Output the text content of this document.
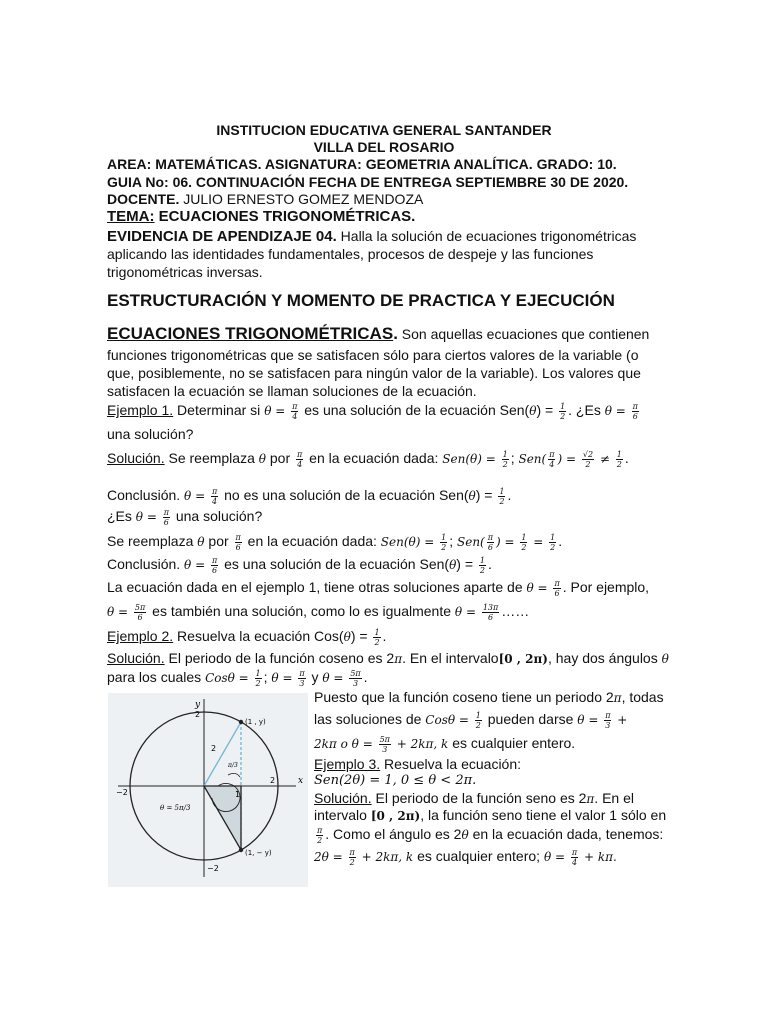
INSTITUCION EDUCATIVA GENERAL SANTANDER
VILLA DEL ROSARIO
AREA: MATEMÁTICAS. ASIGNATURA: GEOMETRIA ANALÍTICA. GRADO: 10.
GUIA No: 06. CONTINUACIÓN FECHA DE ENTREGA SEPTIEMBRE 30 DE 2020.
DOCENTE. JULIO ERNESTO GOMEZ MENDOZA
TEMA: ECUACIONES TRIGONOMÉTRICAS.
EVIDENCIA DE APENDIZAJE 04. Halla la solución de ecuaciones trigonométricas
aplicando las identidades fundamentales, procesos de despeje y las funciones
trigonométricas inversas.
ESTRUCTURACIÓN Y MOMENTO DE PRACTICA Y EJECUCIÓN
ECUACIONES TRIGONOMÉTRICAS. Son aquellas ecuaciones que contienen
funciones trigonométricas que se satisfacen sólo para ciertos valores de la variable (o
que, posiblemente, no se satisfacen para ningún valor de la variable). Los valores que
satisfacen la ecuación se llaman soluciones de la ecuación.
Ejemplo 1. Determinar si $\theta = \frac{\pi}{4}$ es una solución de la ecuación $Sen(\theta) = \frac{1}{2}$ . ¿Es $\theta = \frac{\pi}{6}$
una solución?
Solución. Se reemplaza θ por $\frac{\pi}{4}$ en la ecuación dada: $Sen(\theta) = \frac{1}{2}$ ; $Sen( \frac{\pi}{4}$ ) = $\frac{√2}{2} \ne \frac{1}{2}$ .
Conclusión. $\theta = \frac{\pi}{4}$ no es una solución de la ecuación $Sen(\theta) = \frac{1}{2}$ .
¿Es $\theta = \frac{\pi}{6}$ una solución?
Se reemplaza θ por $\frac{\pi}{6}$ en la ecuación dada: $Sen(\theta) = \frac{1}{2}$ ; $Sen( \frac{\pi}{6}$ ) = $\frac{1}{2} = \frac{1}{2}$ .
Conclusión. $\theta = \frac{\pi}{6}$ es una solución de la ecuación $Sen(\theta) = \frac{1}{2}$ .
La ecuación dada en el ejemplo 1, tiene otras soluciones aparte de $\theta = \frac{\pi}{6}$ . Por ejemplo,
$\theta = \frac{5\pi}{6}$ es también una solución, como lo es igualmente $\theta = \frac{13\pi}{6}$ ……
Ejemplo 2. Resuelva la ecuación $Cos(\theta) = \frac{1}{2}$ .
Solución. El periodo de la función coseno es 2π. En el intervalo[0 , 2π), hay dos ángulos θ
para los cuales $Cos\theta = \frac{1}{2}$ ; $\theta = \frac{\pi}{3}$ y $\theta = \frac{5\pi}{3}$ .
y
x
2
−2
2
−2
(1 , y)
(1, − y)
2
1
θ = 5π/3
π/3
Puesto que la función coseno tiene un periodo 2π, todas
las soluciones de $Cos\theta = \frac{1}{2}$ pueden darse $\theta = \frac{\pi}{3}$ +
2kπ o $\theta = \frac{5\pi}{3} + 2k\pi$, k es cualquier entero.
Ejemplo 3. Resuelva la ecuación:
Sen(2θ) = 1, 0 ≤ θ < 2π.
Solución. El periodo de la función seno es 2π. En el
intervalo [0 , 2π), la función seno tiene el valor 1 sólo en
$\frac{\pi}{2}$ . Como el ángulo es 2θ en la ecuación dada, tenemos:
$2\theta = \frac{\pi}{2} + 2k\pi$, k es cualquier entero; $\theta = \frac{\pi}{4} + k\pi$.
